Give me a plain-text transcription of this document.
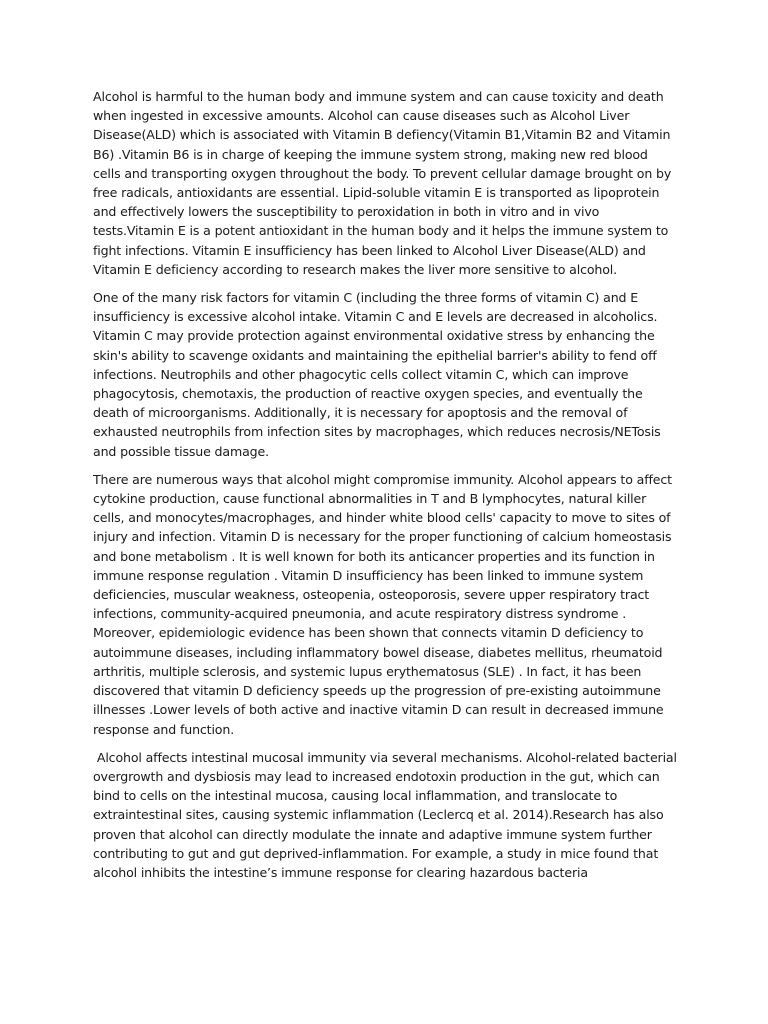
Alcohol is harmful to the human body and immune system and can cause toxicity and death when ingested in excessive amounts. Alcohol can cause diseases such as Alcohol Liver Disease(ALD) which is associated with Vitamin B defiency(Vitamin B1,Vitamin B2 and Vitamin B6) .Vitamin B6 is in charge of keeping the immune system strong, making new red blood cells and transporting oxygen throughout the body. To prevent cellular damage brought on by free radicals, antioxidants are essential. Lipid-soluble vitamin E is transported as lipoprotein and effectively lowers the susceptibility to peroxidation in both in vitro and in vivo tests.Vitamin E is a potent antioxidant in the human body and it helps the immune system to fight infections. Vitamin E insufficiency has been linked to Alcohol Liver Disease(ALD) and Vitamin E deficiency according to research makes the liver more sensitive to alcohol.

One of the many risk factors for vitamin C (including the three forms of vitamin C) and E insufficiency is excessive alcohol intake. Vitamin C and E levels are decreased in alcoholics. Vitamin C may provide protection against environmental oxidative stress by enhancing the skin's ability to scavenge oxidants and maintaining the epithelial barrier's ability to fend off infections. Neutrophils and other phagocytic cells collect vitamin C, which can improve phagocytosis, chemotaxis, the production of reactive oxygen species, and eventually the death of microorganisms. Additionally, it is necessary for apoptosis and the removal of exhausted neutrophils from infection sites by macrophages, which reduces necrosis/NETosis and possible tissue damage.

There are numerous ways that alcohol might compromise immunity. Alcohol appears to affect cytokine production, cause functional abnormalities in T and B lymphocytes, natural killer cells, and monocytes/macrophages, and hinder white blood cells' capacity to move to sites of injury and infection. Vitamin D is necessary for the proper functioning of calcium homeostasis and bone metabolism . It is well known for both its anticancer properties and its function in immune response regulation . Vitamin D insufficiency has been linked to immune system deficiencies, muscular weakness, osteopenia, osteoporosis, severe upper respiratory tract infections, community-acquired pneumonia, and acute respiratory distress syndrome . Moreover, epidemiologic evidence has been shown that connects vitamin D deficiency to autoimmune diseases, including inflammatory bowel disease, diabetes mellitus, rheumatoid arthritis, multiple sclerosis, and systemic lupus erythematosus (SLE) . In fact, it has been discovered that vitamin D deficiency speeds up the progression of pre-existing autoimmune illnesses .Lower levels of both active and inactive vitamin D can result in decreased immune response and function.

Alcohol affects intestinal mucosal immunity via several mechanisms. Alcohol-related bacterial overgrowth and dysbiosis may lead to increased endotoxin production in the gut, which can bind to cells on the intestinal mucosa, causing local inflammation, and translocate to extraintestinal sites, causing systemic inflammation (Leclercq et al. 2014).Research has also proven that alcohol can directly modulate the innate and adaptive immune system further contributing to gut and gut deprived-inflammation. For example, a study in mice found that alcohol inhibits the intestine’s immune response for clearing hazardous bacteria
